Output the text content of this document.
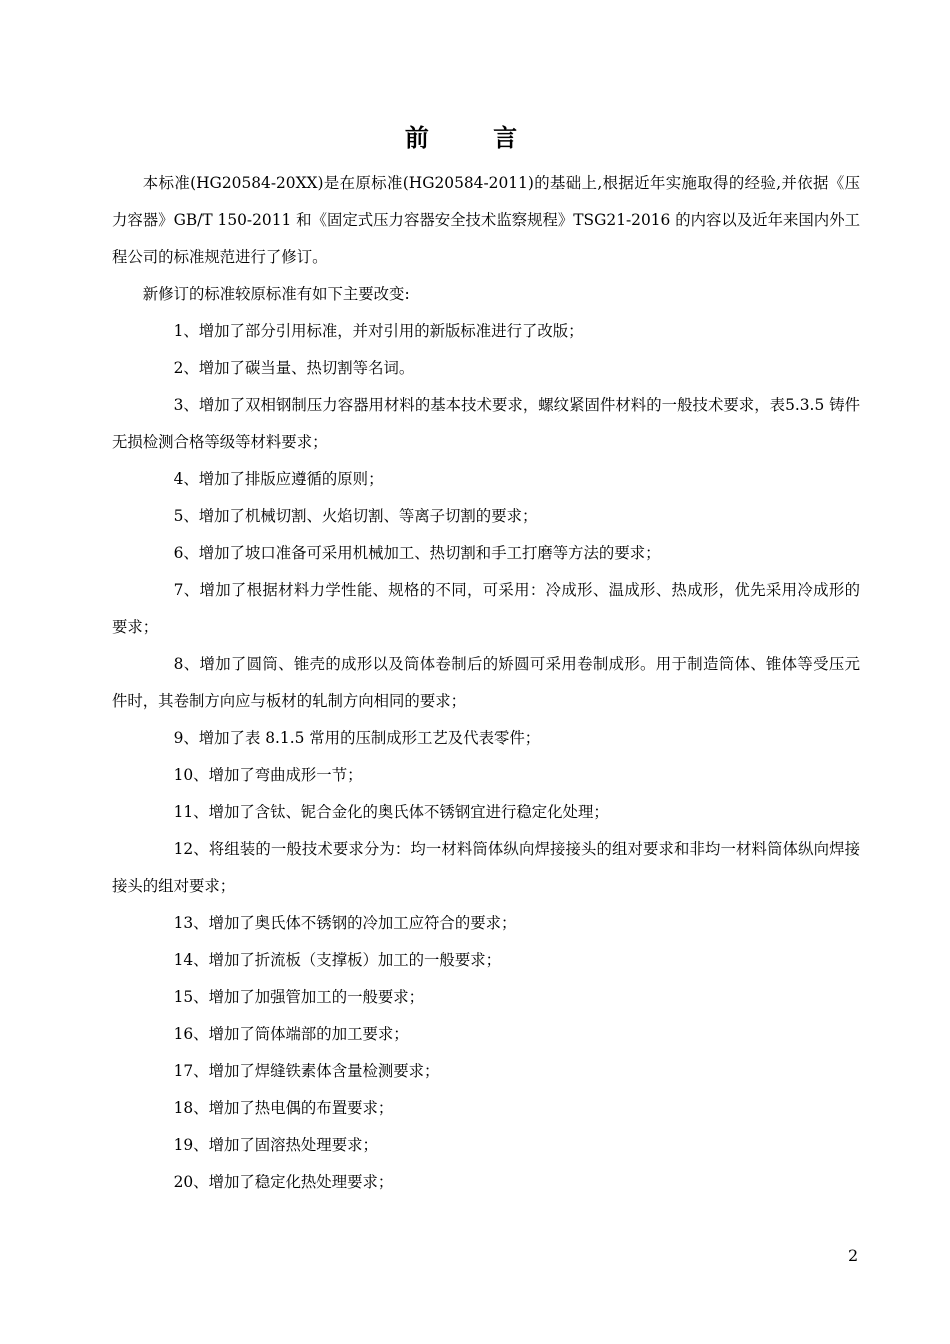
前 言

本标准(HG20584-20XX)是在原标准(HG20584-2011)的基础上,根据近年实施取得的经验,并依据《压力容器》GB/T 150-2011 和《固定式压力容器安全技术监察规程》TSG21-2016 的内容以及近年来国内外工程公司的标准规范进行了修订。

新修订的标准较原标准有如下主要改变:

1、增加了部分引用标准，并对引用的新版标准进行了改版；

2、增加了碳当量、热切割等名词。

3、增加了双相钢制压力容器用材料的基本技术要求，螺纹紧固件材料的一般技术要求，表5.3.5 铸件无损检测合格等级等材料要求；

4、增加了排版应遵循的原则；

5、增加了机械切割、火焰切割、等离子切割的要求；

6、增加了坡口准备可采用机械加工、热切割和手工打磨等方法的要求；

7、增加了根据材料力学性能、规格的不同，可采用：冷成形、温成形、热成形，优先采用冷成形的要求；

8、增加了圆筒、锥壳的成形以及筒体卷制后的矫圆可采用卷制成形。用于制造筒体、锥体等受压元件时，其卷制方向应与板材的轧制方向相同的要求；

9、增加了表 8.1.5 常用的压制成形工艺及代表零件；

10、增加了弯曲成形一节；

11、增加了含钛、铌合金化的奥氏体不锈钢宜进行稳定化处理；

12、将组装的一般技术要求分为：均一材料筒体纵向焊接接头的组对要求和非均一材料筒体纵向焊接接头的组对要求；

13、增加了奥氏体不锈钢的冷加工应符合的要求；

14、增加了折流板（支撑板）加工的一般要求；

15、增加了加强管加工的一般要求；

16、增加了筒体端部的加工要求；

17、增加了焊缝铁素体含量检测要求；

18、增加了热电偶的布置要求；

19、增加了固溶热处理要求；

20、增加了稳定化热处理要求；

2
